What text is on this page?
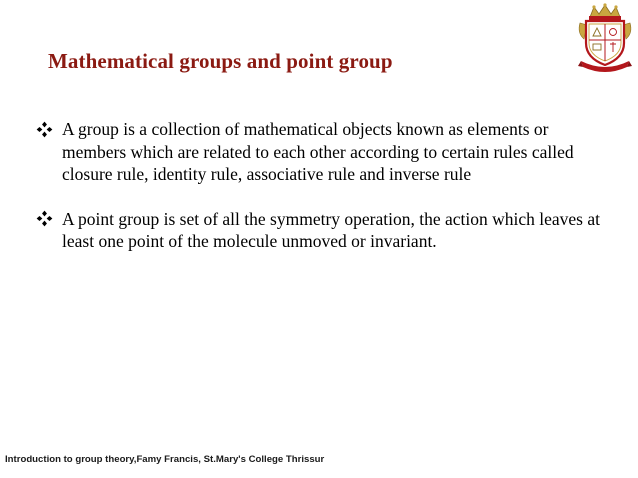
Mathematical groups and point group
A group is a collection of mathematical objects known as elements or members which are related to each other according to certain rules called closure rule, identity rule, associative rule and inverse rule
A point group is set of all the symmetry operation, the action which leaves at least one point of the molecule unmoved or invariant.
Introduction to group theory,Famy Francis, St.Mary's College Thrissur
